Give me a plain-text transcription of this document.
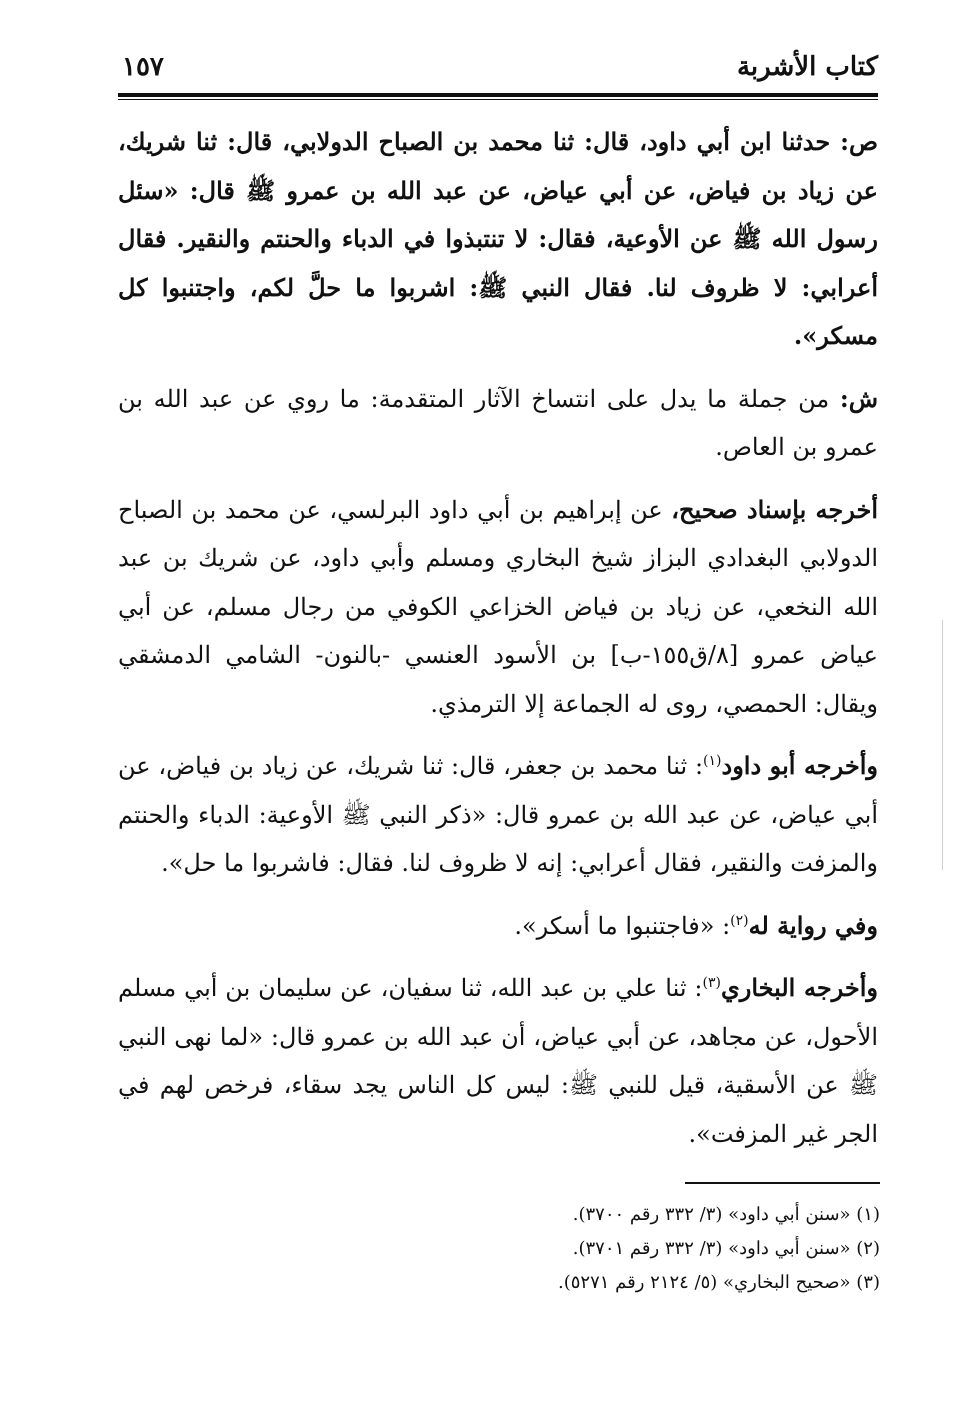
كتاب الأشربة
١٥٧

ص: حدثنا ابن أبي داود، قال: ثنا محمد بن الصباح الدولابي، قال: ثنا شريك، عن زياد بن فياض، عن أبي عياض، عن عبد الله بن عمرو ﷺ قال: «سئل رسول الله ﷺ عن الأوعية، فقال: لا تنتبذوا في الدباء والحنتم والنقير. فقال أعرابي: لا ظروف لنا. فقال النبي ﷺ: اشربوا ما حلَّ لكم، واجتنبوا كل مسكر».

ش: من جملة ما يدل على انتساخ الآثار المتقدمة: ما روي عن عبد الله بن عمرو بن العاص.

أخرجه بإسناد صحيح، عن إبراهيم بن أبي داود البرلسي، عن محمد بن الصباح الدولابي البغدادي البزاز شيخ البخاري ومسلم وأبي داود، عن شريك بن عبد الله النخعي، عن زياد بن فياض الخزاعي الكوفي من رجال مسلم، عن أبي عياض عمرو [٨/ق١٥٥-ب] بن الأسود العنسي -بالنون- الشامي الدمشقي ويقال: الحمصي، روى له الجماعة إلا الترمذي.

وأخرجه أبو داود$^{(١)}$: ثنا محمد بن جعفر، قال: ثنا شريك، عن زياد بن فياض، عن أبي عياض، عن عبد الله بن عمرو قال: «ذكر النبي ﷺ الأوعية: الدباء والحنتم والمزفت والنقير، فقال أعرابي: إنه لا ظروف لنا. فقال: فاشربوا ما حل».

وفي رواية له$^{(٢)}$: «فاجتنبوا ما أسكر».

وأخرجه البخاري$^{(٣)}$: ثنا علي بن عبد الله، ثنا سفيان، عن سليمان بن أبي مسلم الأحول، عن مجاهد، عن أبي عياض، أن عبد الله بن عمرو قال: «لما نهى النبي ﷺ عن الأسقية، قيل للنبي ﷺ: ليس كل الناس يجد سقاء، فرخص لهم في الجر غير المزفت».

(١) «سنن أبي داود» (٣/ ٣٣٢ رقم ٣٧٠٠).

(٢) «سنن أبي داود» (٣/ ٣٣٢ رقم ٣٧٠١).

(٣) «صحيح البخاري» (٥/ ٢١٢٤ رقم ٥٢٧١).
